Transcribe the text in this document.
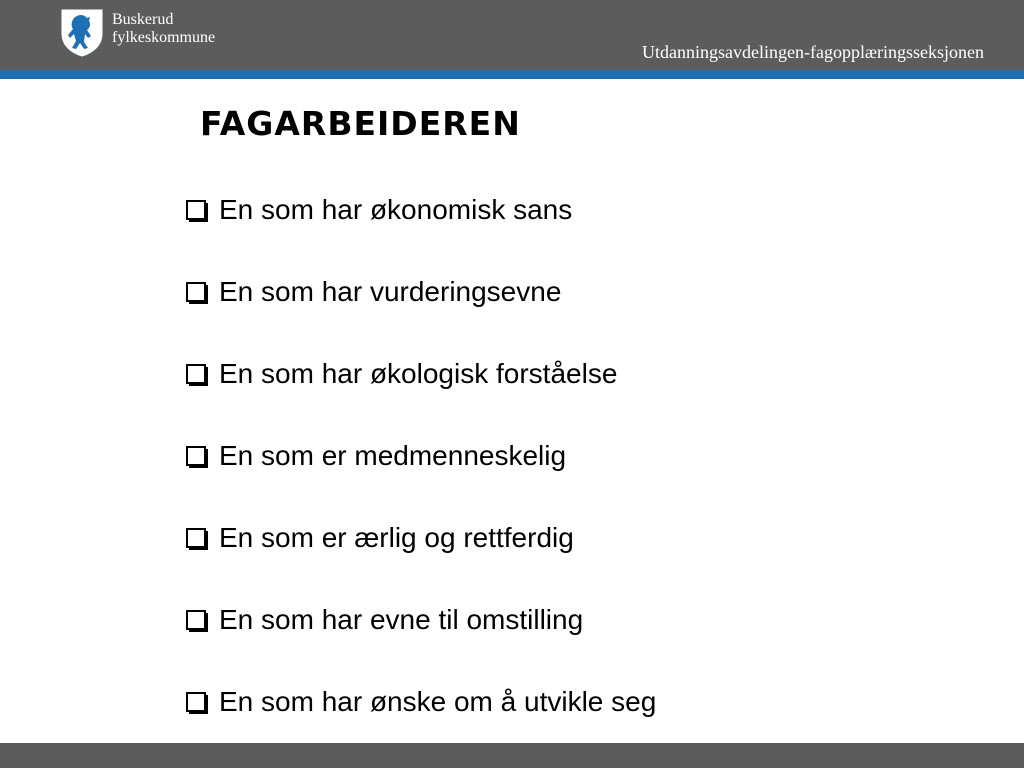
Buskerud
fylkeskommune
Utdanningsavdelingen-fagopplæringsseksjonen
FAGARBEIDEREN
En som har økonomisk sans
En som har vurderingsevne
En som har økologisk forståelse
En som er medmenneskelig
En som er ærlig og rettferdig
En som har evne til omstilling
En som har ønske om å utvikle seg
